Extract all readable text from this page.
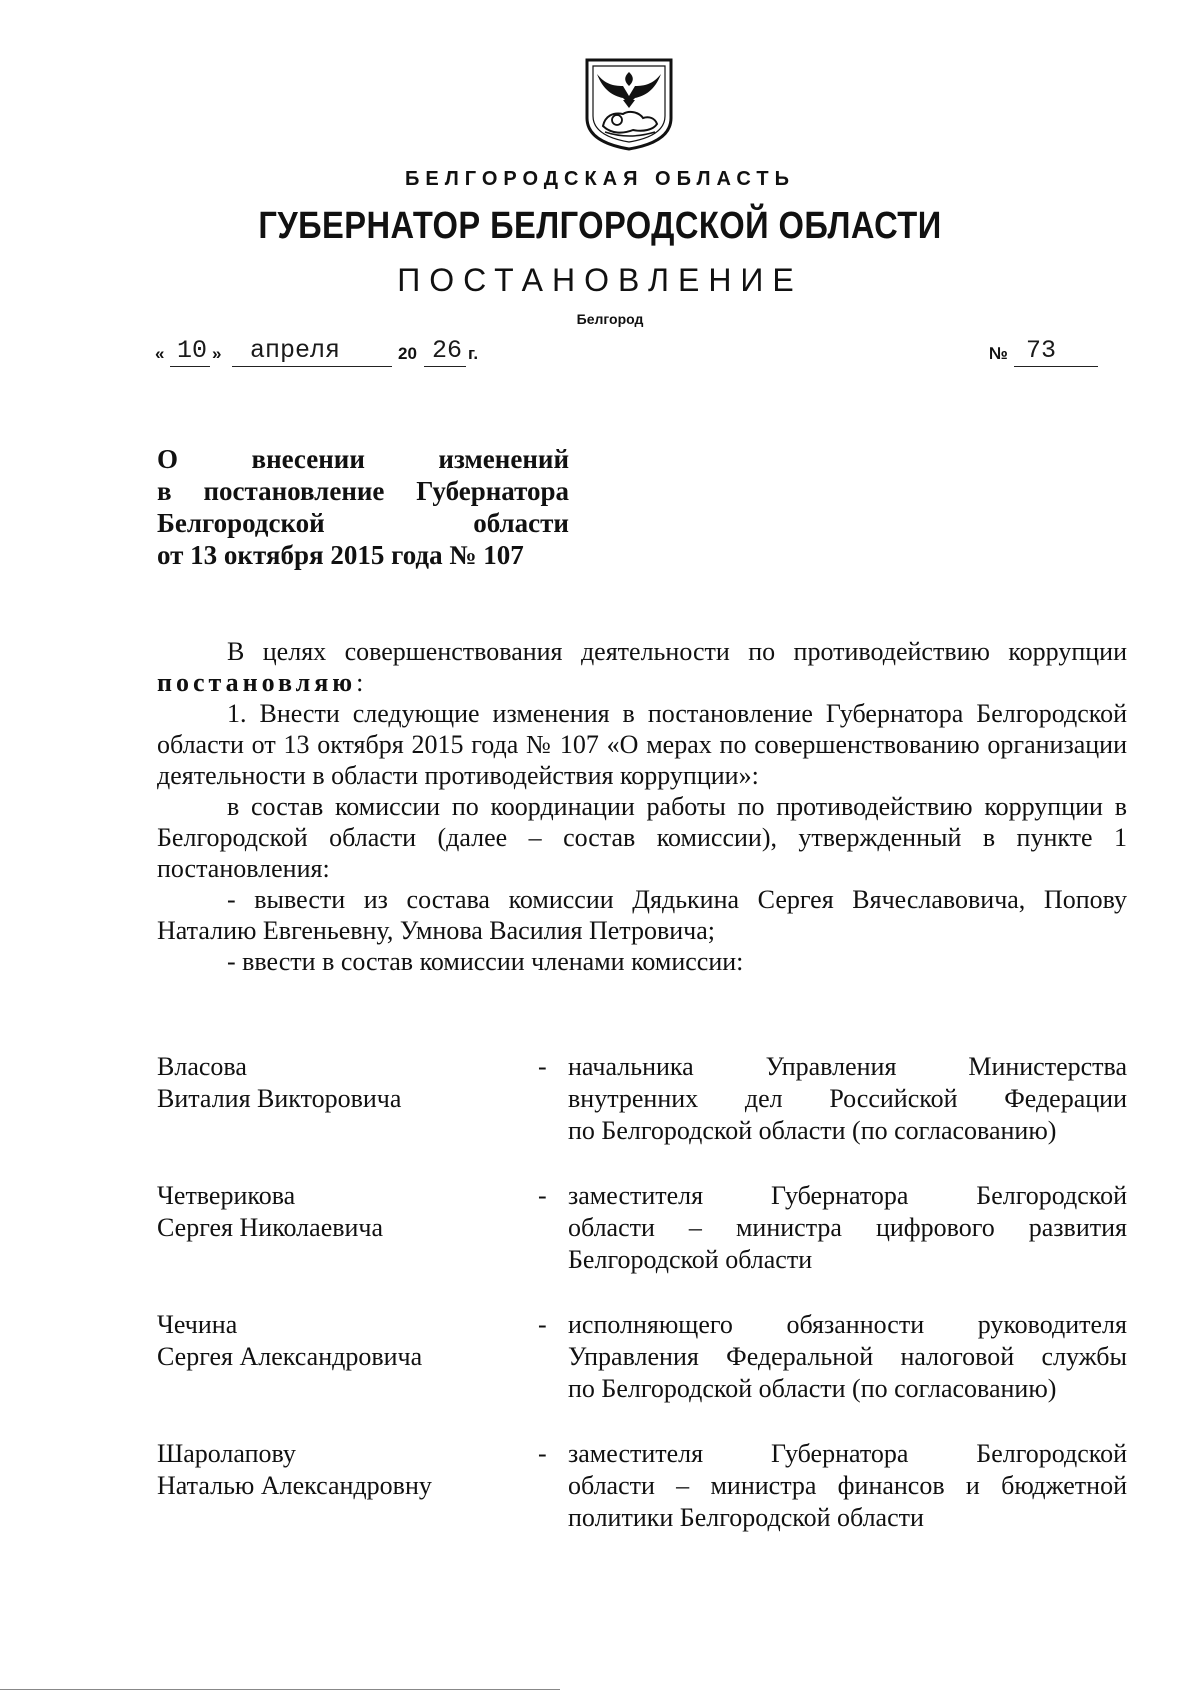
БЕЛГОРОДСКАЯ ОБЛАСТЬ
ГУБЕРНАТОР БЕЛГОРОДСКОЙ ОБЛАСТИ
ПОСТАНОВЛЕНИЕ
Белгород
« 10 » апреля	20 26 г.	№ 73
О внесении изменений
в постановление Губернатора
Белгородской области
от 13 октября 2015 года № 107

В целях совершенствования деятельности по противодействию коррупции постановляю:

1. Внести следующие изменения в постановление Губернатора Белгородской области от 13 октября 2015 года № 107 «О мерах по совершенствованию организации деятельности в области противодействия коррупции»:

в состав комиссии по координации работы по противодействию коррупции в Белгородской области (далее – состав комиссии), утвержденный в пункте 1 постановления:

- вывести из состава комиссии Дядькина Сергея Вячеславовича, Попову Наталию Евгеньевну, Умнова Василия Петровича;

- ввести в состав комиссии членами комиссии:

Власова
Виталия Викторовича
- начальника Управления Министерства
внутренних дел Российской Федерации
по Белгородской области (по согласованию)
Четверикова
Сергея Николаевича
- заместителя Губернатора Белгородской
области – министра цифрового развития
Белгородской области
Чечина
Сергея Александровича
- исполняющего обязанности руководителя
Управления Федеральной налоговой службы
по Белгородской области (по согласованию)
Шаролапову
Наталью Александровну
- заместителя Губернатора Белгородской
области – министра финансов и бюджетной
политики Белгородской области
